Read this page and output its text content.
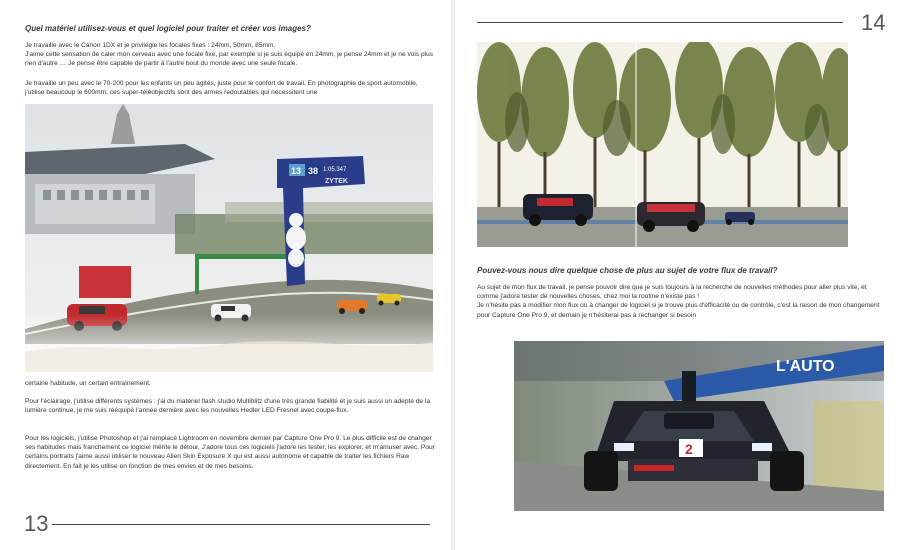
Quel matériel utilisez-vous et quel logiciel pour traiter et créer vos images?
Je travaille avec le Canon 1DX et je privilégie les focales fixes : 24mm, 50mm, 85mm.
J'aime cette sensation de caler mon cerveau avec une focale fixe, par exemple si je suis équipé en 24mm, je pense 24mm et je ne vois plus rien d'autre … Je pense être capable de partir à l'autre bout du monde avec une seule focale.
Je travaille un peu avec le 70-200 pour les enfants un peu agités, juste pour le confort de travail. En photographie de sport automobile, j'utilise beaucoup le 600mm, ces super-téléobjectifs sont des armes redoutables qui nécessitent une
13 38 1:05.347
ZYTEK
certaine habitude, un certain entraînement.
Pour l'éclairage, j'utilise différents systèmes : j'ai du matériel flash studio Multiblitz d'une très grande fiabilité et je suis aussi un adepte de la lumière continue, je me suis rééquipé l'année dernière avec les nouvelles Hedler LED Fresnel avec coupe-flux.
Pour les logiciels, j'utilise Photoshop et j'ai remplacé Lightroom en novembre dernier par Capture One Pro 9. Le plus difficile est de changer ses habitudes mais franchement ce logiciel mérite le détour. J'adore tous ces logiciels j'adore les tester, les explorer, et m'amuser avec. Pour certains portraits j'aime aussi utiliser le nouveau Alien Skin Exposure X qui est aussi autonome et capable de traiter les fichiers Raw directement. En fait je les utilise en fonction de mes envies et de mes besoins.
13
14
Pouvez-vous nous dire quelque chose de plus au sujet de votre flux de travail?
Au sujet de mon flux de travail, je pense pouvoir dire que je suis toujours à la recherche de nouvelles méthodes pour aller plus vite, et comme j'adore tester de nouvelles choses, chez moi la routine n'existe pas !
Je n'hésite pas à modifier mon flux ou à changer de logiciel si je trouve plus d'efficacité ou de contrôle, c'est la raison de mon changement pour Capture One Pro 9, et demain je n'hésiterai pas à rechanger si besoin
L'AUTO
2
